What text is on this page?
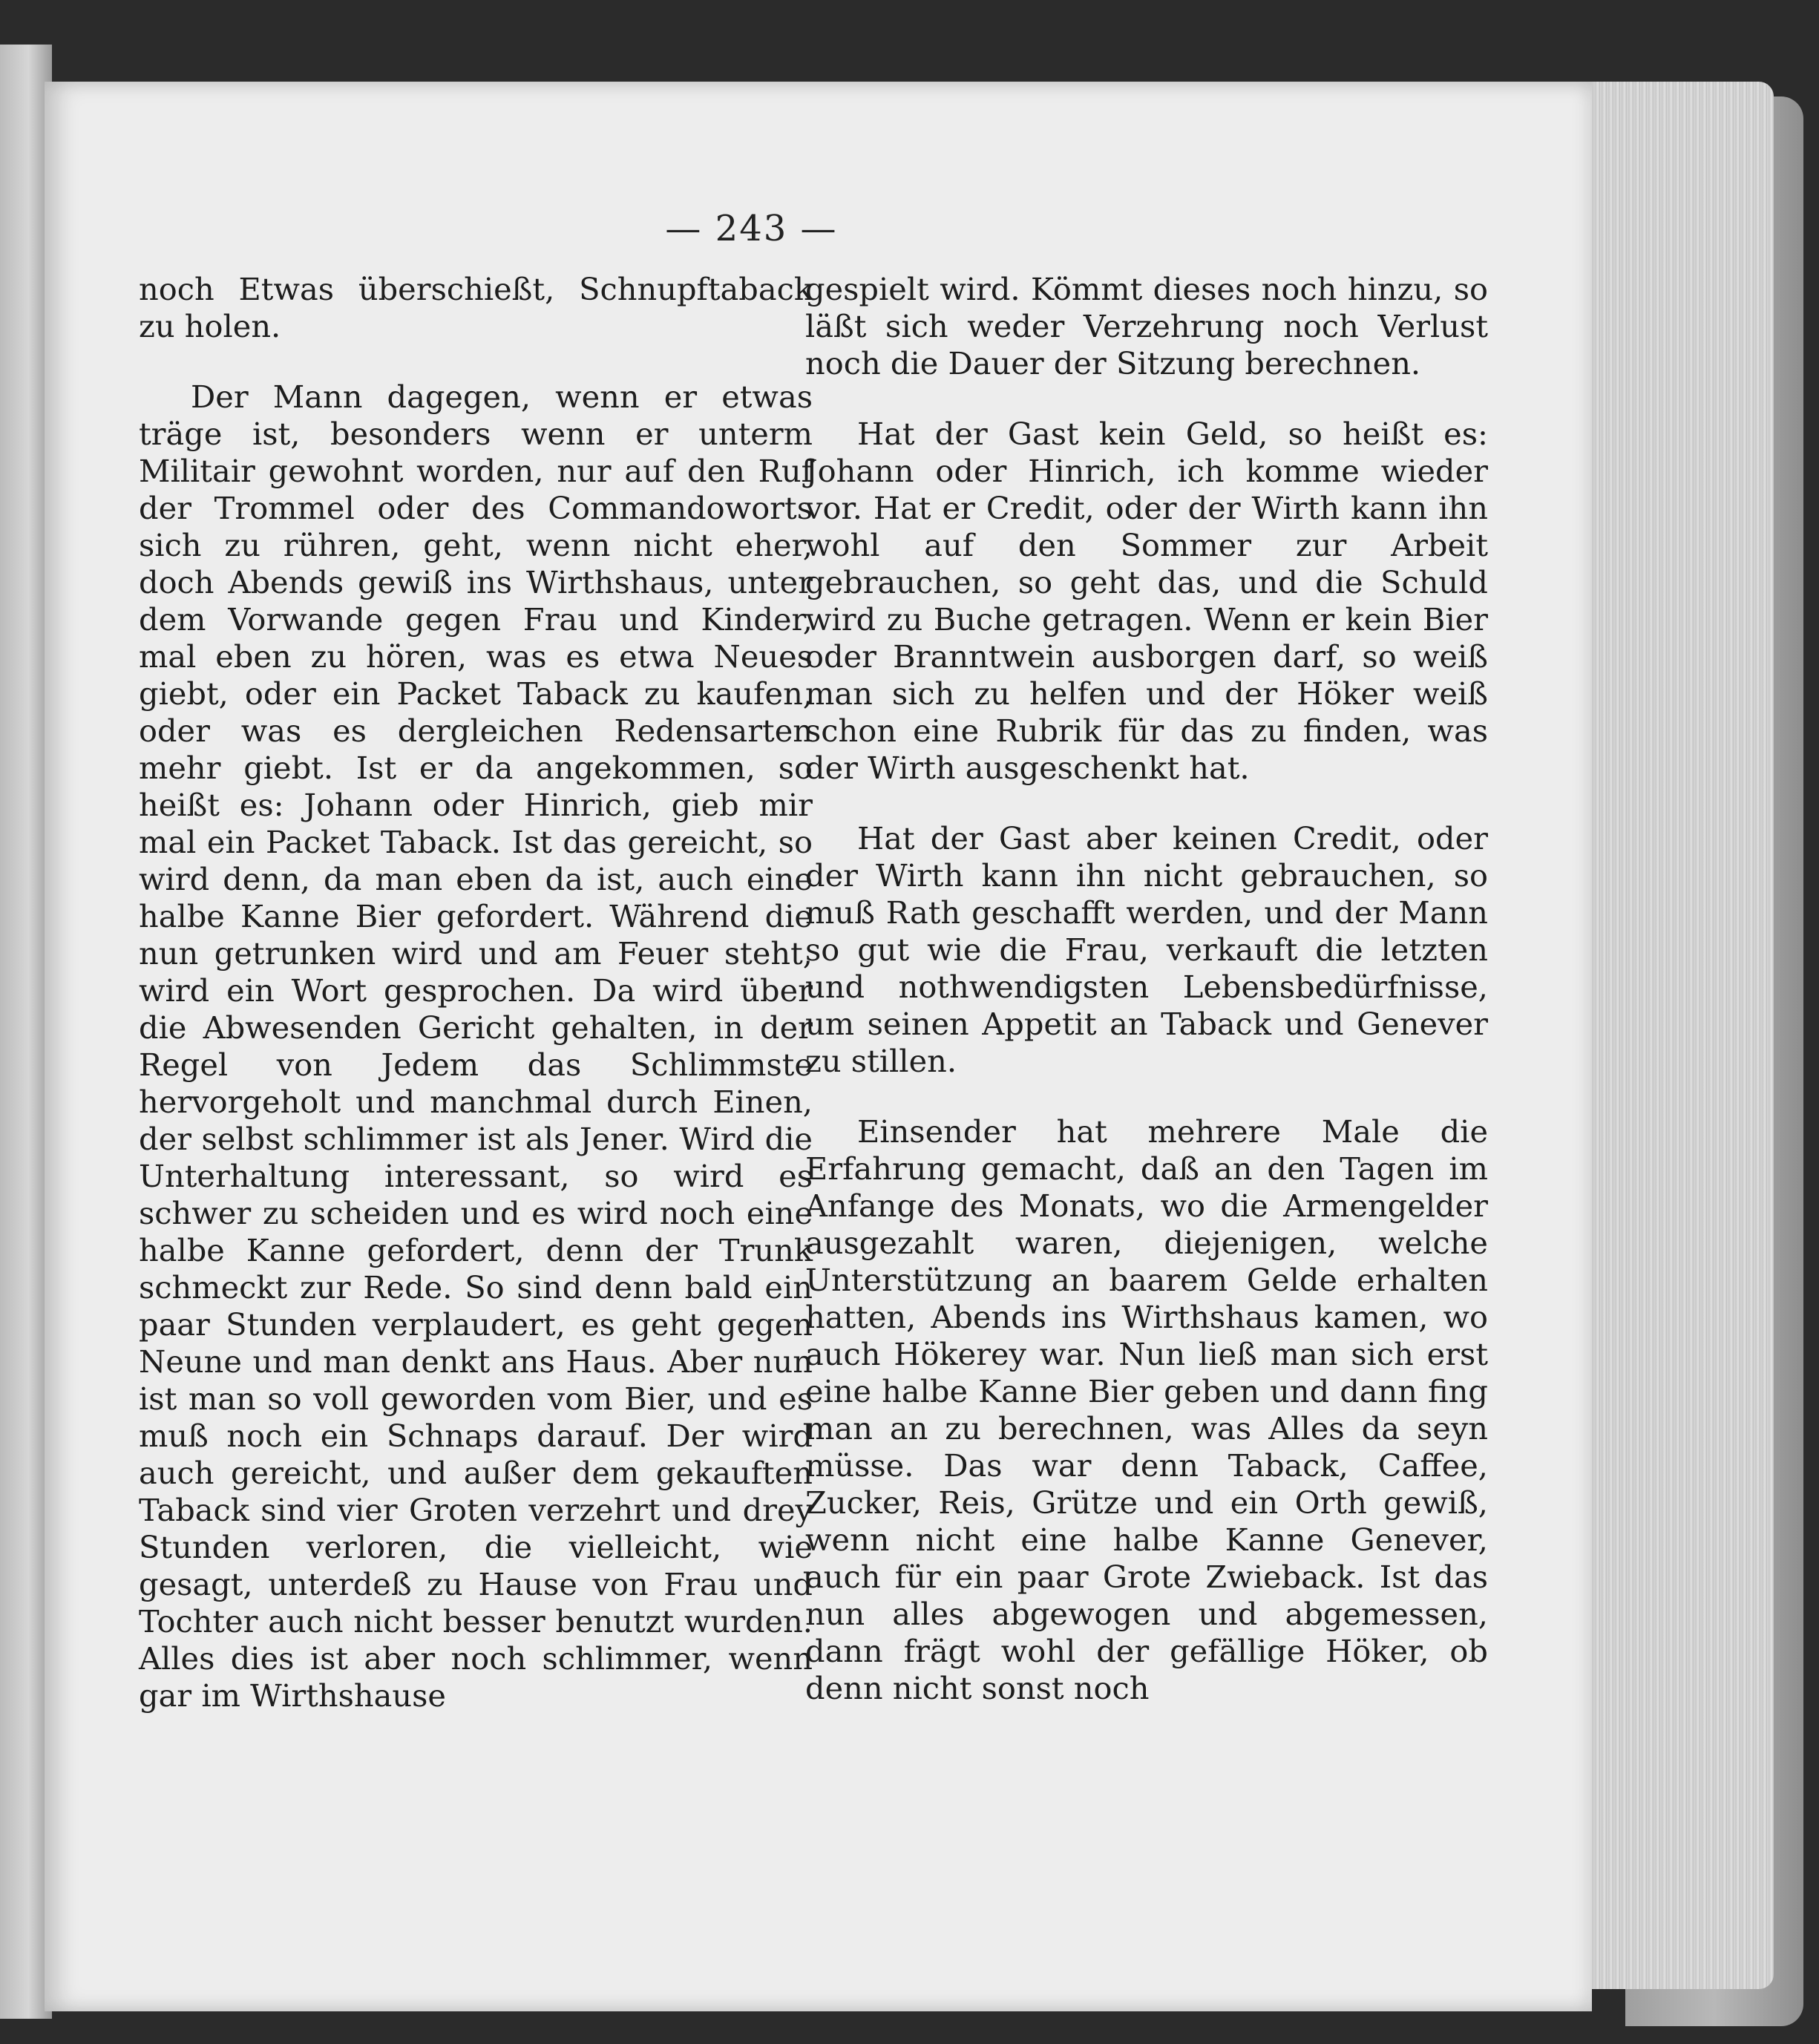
— 243 —

noch Etwas überschießt, Schnupftaback zu holen.

Der Mann dagegen, wenn er etwas träge ist, besonders wenn er unterm Militair gewohnt worden, nur auf den Ruf der Trommel oder des Commandoworts sich zu rühren, geht, wenn nicht eher, doch Abends gewiß ins Wirthshaus, unter dem Vorwande gegen Frau und Kinder, mal eben zu hören, was es etwa Neues giebt, oder ein Packet Taback zu kaufen, oder was es dergleichen Redensarten mehr giebt. Ist er da angekommen, so heißt es: Johann oder Hinrich, gieb mir mal ein Packet Taback. Ist das gereicht, so wird denn, da man eben da ist, auch eine halbe Kanne Bier gefordert. Während die nun getrunken wird und am Feuer steht, wird ein Wort gesprochen. Da wird über die Abwesenden Gericht gehalten, in der Regel von Jedem das Schlimmste hervorgeholt und manchmal durch Einen, der selbst schlimmer ist als Jener. Wird die Unterhaltung interessant, so wird es schwer zu scheiden und es wird noch eine halbe Kanne gefordert, denn der Trunk schmeckt zur Rede. So sind denn bald ein paar Stunden verplaudert, es geht gegen Neune und man denkt ans Haus. Aber nun ist man so voll geworden vom Bier, und es muß noch ein Schnaps darauf. Der wird auch gereicht, und außer dem gekauften Taback sind vier Groten verzehrt und drey Stunden verloren, die vielleicht, wie gesagt, unterdeß zu Hause von Frau und Tochter auch nicht besser benutzt wurden. Alles dies ist aber noch schlimmer, wenn gar im Wirthshause

gespielt wird. Kömmt dieses noch hinzu, so läßt sich weder Verzehrung noch Verlust noch die Dauer der Sitzung berechnen.

Hat der Gast kein Geld, so heißt es: Johann oder Hinrich, ich komme wieder vor. Hat er Credit, oder der Wirth kann ihn wohl auf den Sommer zur Arbeit gebrauchen, so geht das, und die Schuld wird zu Buche getragen. Wenn er kein Bier oder Branntwein ausborgen darf, so weiß man sich zu helfen und der Höker weiß schon eine Rubrik für das zu finden, was der Wirth ausgeschenkt hat.

Hat der Gast aber keinen Credit, oder der Wirth kann ihn nicht gebrauchen, so muß Rath geschafft werden, und der Mann so gut wie die Frau, verkauft die letzten und nothwendigsten Lebensbedürfnisse, um seinen Appetit an Taback und Genever zu stillen.

Einsender hat mehrere Male die Erfahrung gemacht, daß an den Tagen im Anfange des Monats, wo die Armengelder ausgezahlt waren, diejenigen, welche Unterstützung an baarem Gelde erhalten hatten, Abends ins Wirthshaus kamen, wo auch Hökerey war. Nun ließ man sich erst eine halbe Kanne Bier geben und dann fing man an zu berechnen, was Alles da seyn müsse. Das war denn Taback, Caffee, Zucker, Reis, Grütze und ein Orth gewiß, wenn nicht eine halbe Kanne Genever, auch für ein paar Grote Zwieback. Ist das nun alles abgewogen und abgemessen, dann frägt wohl der gefällige Höker, ob denn nicht sonst noch
